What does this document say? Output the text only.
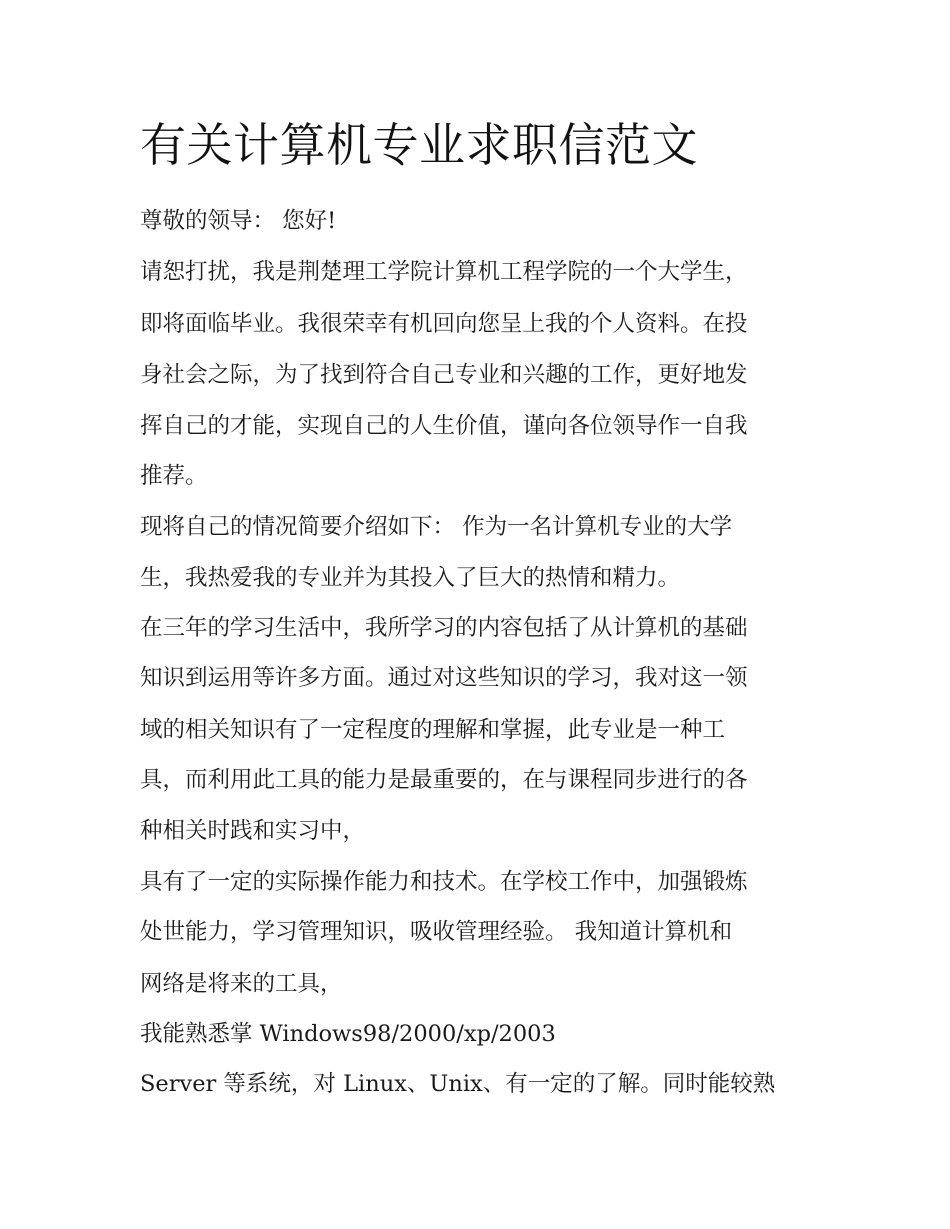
有关计算机专业求职信范文

尊敬的领导： 您好!

请恕打扰，我是荆楚理工学院计算机工程学院的一个大学生，

即将面临毕业。我很荣幸有机回向您呈上我的个人资料。在投

身社会之际，为了找到符合自己专业和兴趣的工作，更好地发

挥自己的才能，实现自己的人生价值，谨向各位领导作一自我

推荐。

现将自己的情况简要介绍如下： 作为一名计算机专业的大学

生，我热爱我的专业并为其投入了巨大的热情和精力。

在三年的学习生活中，我所学习的内容包括了从计算机的基础

知识到运用等许多方面。通过对这些知识的学习，我对这一领

域的相关知识有了一定程度的理解和掌握，此专业是一种工

具，而利用此工具的能力是最重要的，在与课程同步进行的各

种相关时践和实习中，

具有了一定的实际操作能力和技术。在学校工作中，加强锻炼

处世能力，学习管理知识，吸收管理经验。 我知道计算机和

网络是将来的工具，

我能熟悉掌 Windows98/2000/xp/2003

Server 等系统，对 Linux、Unix、有一定的了解。同时能较熟
